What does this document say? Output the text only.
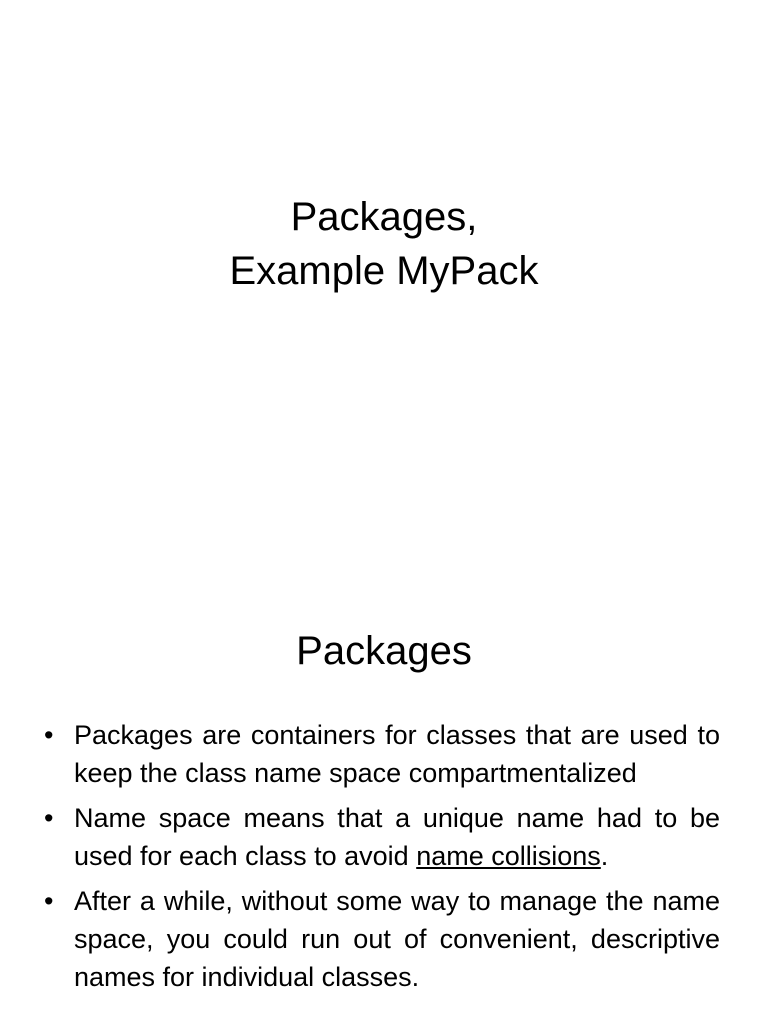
Packages,
Example MyPack
Packages
• Packages are containers for classes that are used to keep the class name space compartmentalized
• Name space means that a unique name had to be used for each class to avoid name collisions.
• After a while, without some way to manage the name space, you could run out of convenient, descriptive names for individual classes.
